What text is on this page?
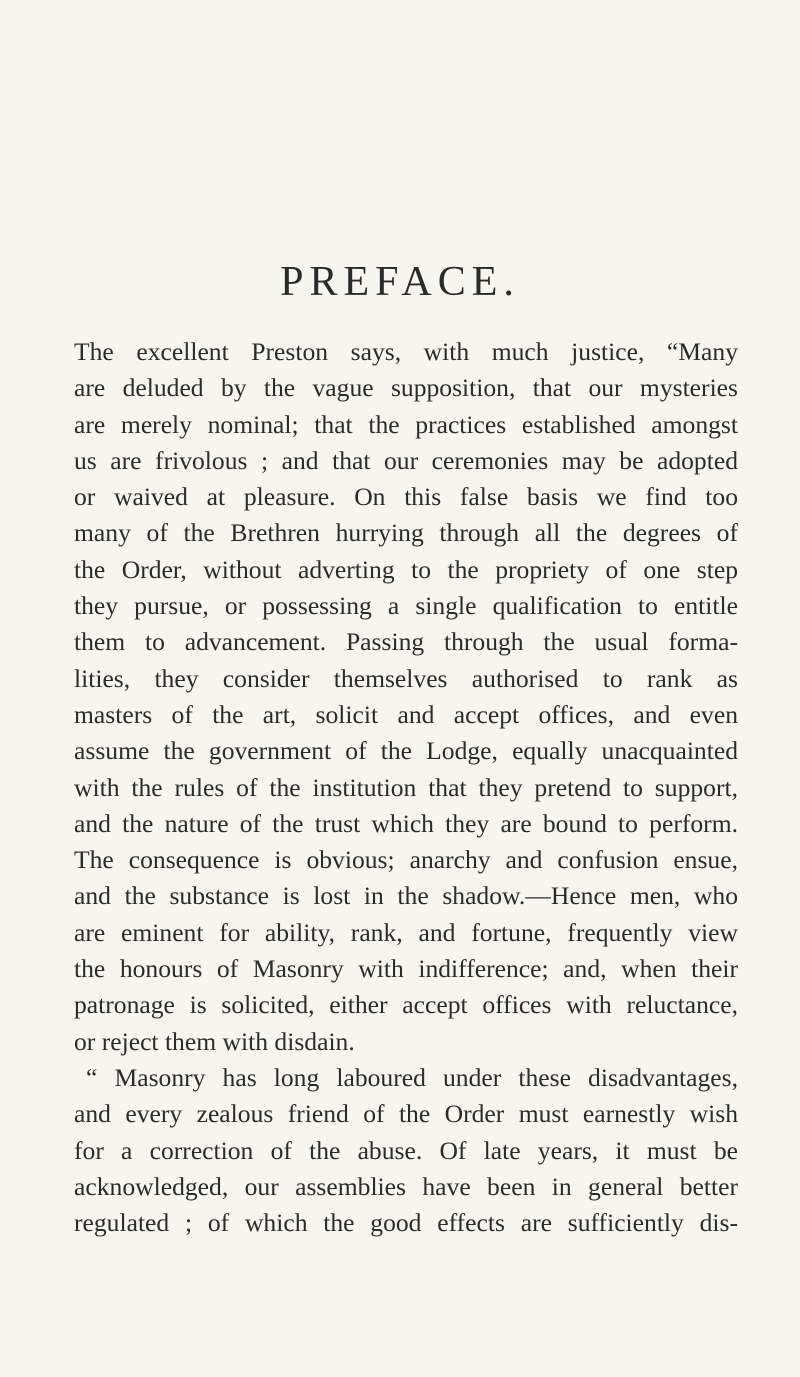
PREFACE.
The excellent Preston says, with much justice, “Many
are deluded by the vague supposition, that our mysteries
are merely nominal; that the practices established amongst
us are frivolous ; and that our ceremonies may be adopted
or waived at pleasure. On this false basis we find too
many of the Brethren hurrying through all the degrees of
the Order, without adverting to the propriety of one step
they pursue, or possessing a single qualification to entitle
them to advancement. Passing through the usual forma-
lities, they consider themselves authorised to rank as
masters of the art, solicit and accept offices, and even
assume the government of the Lodge, equally unacquainted
with the rules of the institution that they pretend to support,
and the nature of the trust which they are bound to perform.
The consequence is obvious; anarchy and confusion ensue,
and the substance is lost in the shadow.—Hence men, who
are eminent for ability, rank, and fortune, frequently view
the honours of Masonry with indifference; and, when their
patronage is solicited, either accept offices with reluctance,
or reject them with disdain.
“ Masonry has long laboured under these disadvantages,
and every zealous friend of the Order must earnestly wish
for a correction of the abuse. Of late years, it must be
acknowledged, our assemblies have been in general better
regulated ; of which the good effects are sufficiently dis-
